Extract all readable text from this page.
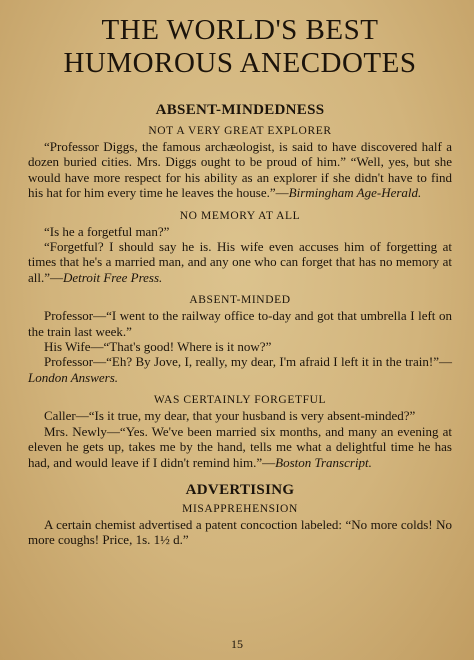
THE WORLD'S BEST
HUMOROUS ANECDOTES
ABSENT-MINDEDNESS
NOT A VERY GREAT EXPLORER

“Professor Diggs, the famous archæologist, is said to have discovered half a dozen buried cities. Mrs. Diggs ought to be proud of him.” “Well, yes, but she would have more respect for his ability as an explorer if she didn't have to find his hat for him every time he leaves the house.”—Birmingham Age-Herald.

NO MEMORY AT ALL

“Is he a forgetful man?”

“Forgetful? I should say he is. His wife even accuses him of forgetting at times that he's a married man, and any one who can forget that has no memory at all.”—Detroit Free Press.

ABSENT-MINDED

Professor—“I went to the railway office to-day and got that umbrella I left on the train last week.”

His Wife—“That's good! Where is it now?”

Professor—“Eh? By Jove, I, really, my dear, I'm afraid I left it in the train!”—London Answers.

WAS CERTAINLY FORGETFUL

Caller—“Is it true, my dear, that your husband is very absent-minded?”

Mrs. Newly—“Yes. We've been married six months, and many an evening at eleven he gets up, takes me by the hand, tells me what a delightful time he has had, and would leave if I didn't remind him.”—Boston Transcript.

ADVERTISING
MISAPPREHENSION

A certain chemist advertised a patent concoction labeled: “No more colds! No more coughs! Price, 1s. 1½ d.”

15
